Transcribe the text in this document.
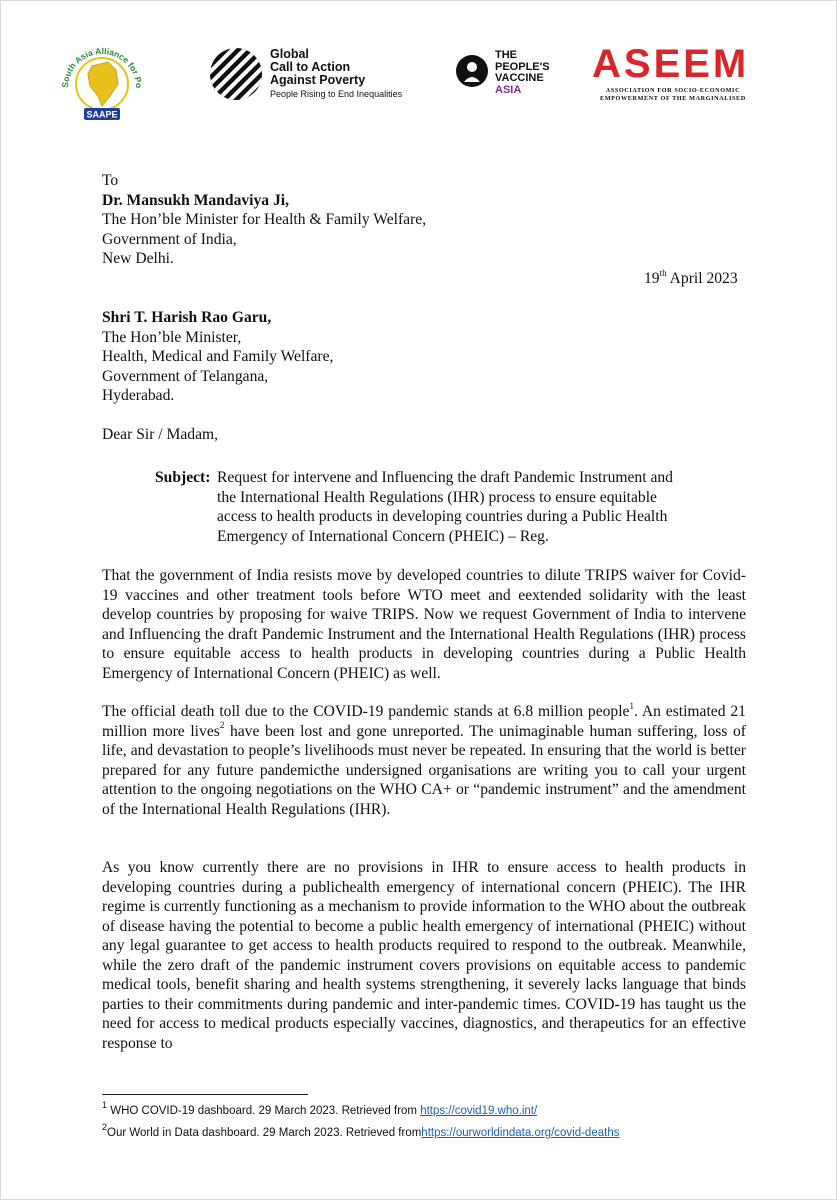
South Asia Alliance for Po
SAAPE
Global
Call to Action
Against Poverty
People Rising to End Inequalities
THE
PEOPLE'S
VACCINE
ASIA
ASEEM
ASSOCIATION FOR SOCIO-ECONOMIC
EMPOWERMENT OF THE MARGINALISED
To
Dr. Mansukh Mandaviya Ji,
The Hon’ble Minister for Health & Family Welfare,
Government of India,
New Delhi.
19th April 2023
Shri T. Harish Rao Garu,
The Hon’ble Minister,
Health, Medical and Family Welfare,
Government of Telangana,
Hyderabad.
Dear Sir / Madam,
Subject: Request for intervene and Influencing the draft Pandemic Instrument and
the International Health Regulations (IHR) process to ensure equitable
access to health products in developing countries during a Public Health
Emergency of International Concern (PHEIC) – Reg.
That the government of India resists move by developed countries to dilute TRIPS waiver for Covid-19 vaccines and other treatment tools before WTO meet and eextended solidarity with the least develop countries by proposing for waive TRIPS. Now we request Government of India to intervene and Influencing the draft Pandemic Instrument and the International Health Regulations (IHR) process to ensure equitable access to health products in developing countries during a Public Health Emergency of International Concern (PHEIC) as well.
The official death toll due to the COVID-19 pandemic stands at 6.8 million people$^1$. An estimated 21 million more lives$^2$ have been lost and gone unreported. The unimaginable human suffering, loss of life, and devastation to people’s livelihoods must never be repeated. In ensuring that the world is better prepared for any future pandemicthe undersigned organisations are writing you to call your urgent attention to the ongoing negotiations on the WHO CA+ or “pandemic instrument” and the amendment of the International Health Regulations (IHR).
As you know currently there are no provisions in IHR to ensure access to health products in developing countries during a publichealth emergency of international concern (PHEIC). The IHR regime is currently functioning as a mechanism to provide information to the WHO about the outbreak of disease having the potential to become a public health emergency of international (PHEIC) without any legal guarantee to get access to health products required to respond to the outbreak. Meanwhile, while the zero draft of the pandemic instrument covers provisions on equitable access to pandemic medical tools, benefit sharing and health systems strengthening, it severely lacks language that binds parties to their commitments during pandemic and inter-pandemic times. COVID-19 has taught us the need for access to medical products especially vaccines, diagnostics, and therapeutics for an effective response to
$^1$ WHO COVID-19 dashboard. 29 March 2023. Retrieved from https://covid19.who.int/
$^2$Our World in Data dashboard. 29 March 2023. Retrieved fromhttps://ourworldindata.org/covid-deaths
